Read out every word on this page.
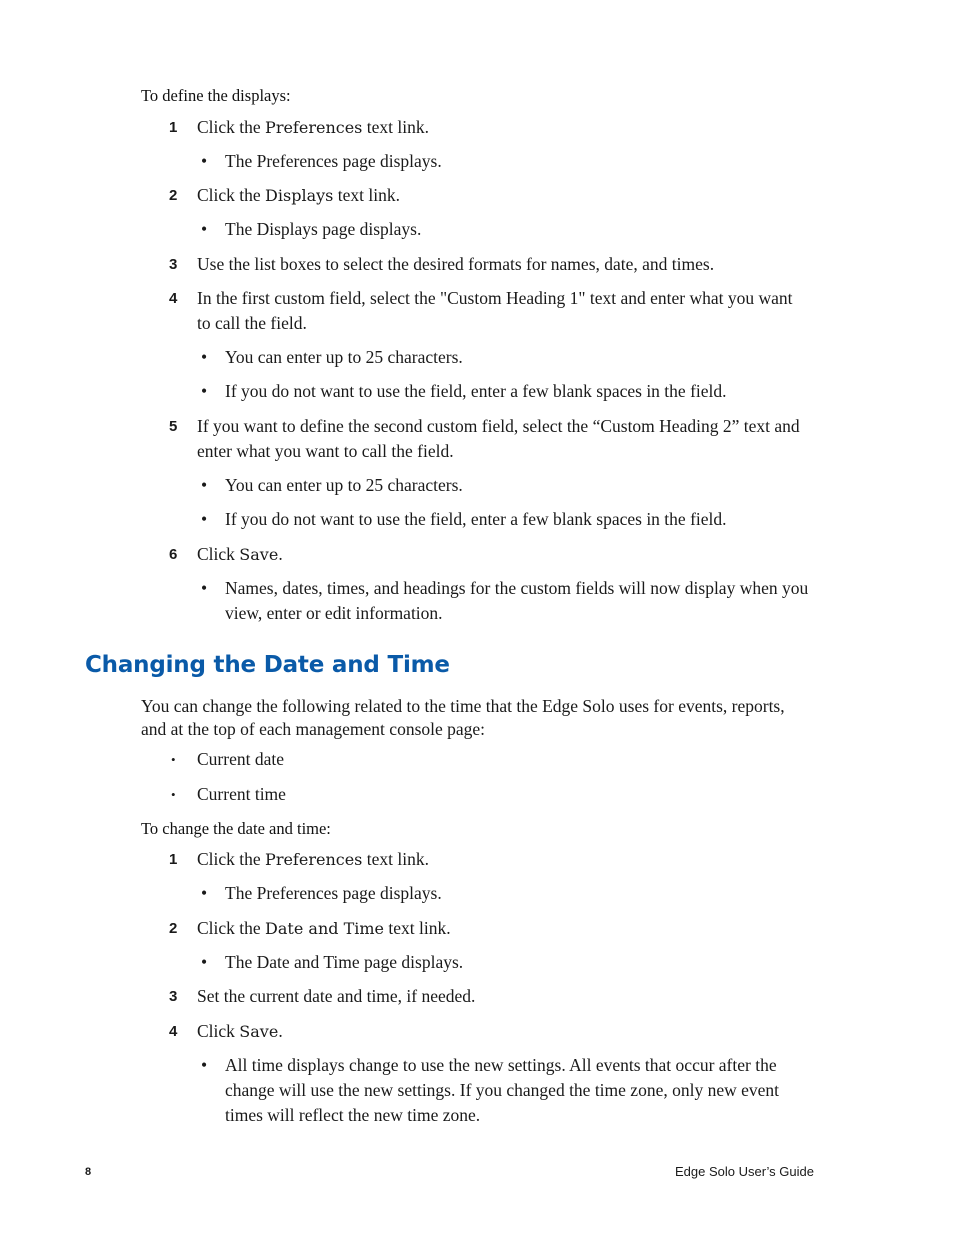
To define the displays:
1 Click the Preferences text link.
• The Preferences page displays.
2 Click the Displays text link.
• The Displays page displays.
3 Use the list boxes to select the desired formats for names, date, and times.
4 In the first custom field, select the "Custom Heading 1" text and enter what you want to call the field.
• You can enter up to 25 characters.
• If you do not want to use the field, enter a few blank spaces in the field.
5 If you want to define the second custom field, select the “Custom Heading 2” text and enter what you want to call the field.
• You can enter up to 25 characters.
• If you do not want to use the field, enter a few blank spaces in the field.
6 Click Save.
• Names, dates, times, and headings for the custom fields will now display when you view, enter or edit information.
Changing the Date and Time
You can change the following related to the time that the Edge Solo uses for events, reports, and at the top of each management console page:
• Current date
• Current time
To change the date and time:
1 Click the Preferences text link.
• The Preferences page displays.
2 Click the Date and Time text link.
• The Date and Time page displays.
3 Set the current date and time, if needed.
4 Click Save.
• All time displays change to use the new settings. All events that occur after the change will use the new settings. If you changed the time zone, only new event times will reflect the new time zone.
8	Edge Solo User’s Guide
